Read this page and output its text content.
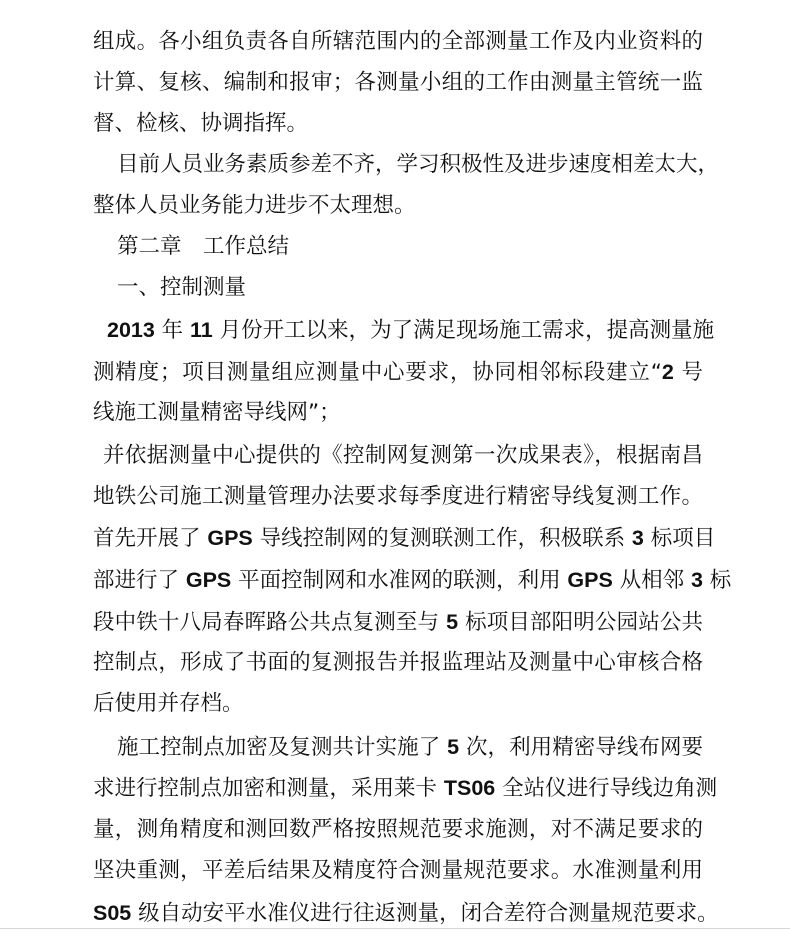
组成。各小组负责各自所辖范围内的全部测量工作及内业资料的
计算、复核、编制和报审；各测量小组的工作由测量主管统一监
督、检核、协调指挥。
目前人员业务素质参差不齐，学习积极性及进步速度相差太大，
整体人员业务能力进步不太理想。
第二章　工作总结
一、控制测量
2013 年 11 月份开工以来，为了满足现场施工需求，提高测量施
测精度；项目测量组应测量中心要求，协同相邻标段建立“2 号
线施工测量精密导线网”；
并依据测量中心提供的《控制网复测第一次成果表》，根据南昌
地铁公司施工测量管理办法要求每季度进行精密导线复测工作。
首先开展了 GPS 导线控制网的复测联测工作，积极联系 3 标项目
部进行了 GPS 平面控制网和水准网的联测，利用 GPS 从相邻 3 标
段中铁十八局春晖路公共点复测至与 5 标项目部阳明公园站公共
控制点，形成了书面的复测报告并报监理站及测量中心审核合格
后使用并存档。
施工控制点加密及复测共计实施了 5 次，利用精密导线布网要
求进行控制点加密和测量，采用莱卡 TS06 全站仪进行导线边角测
量，测角精度和测回数严格按照规范要求施测，对不满足要求的
坚决重测，平差后结果及精度符合测量规范要求。水准测量利用
S05 级自动安平水准仪进行往返测量，闭合差符合测量规范要求。
